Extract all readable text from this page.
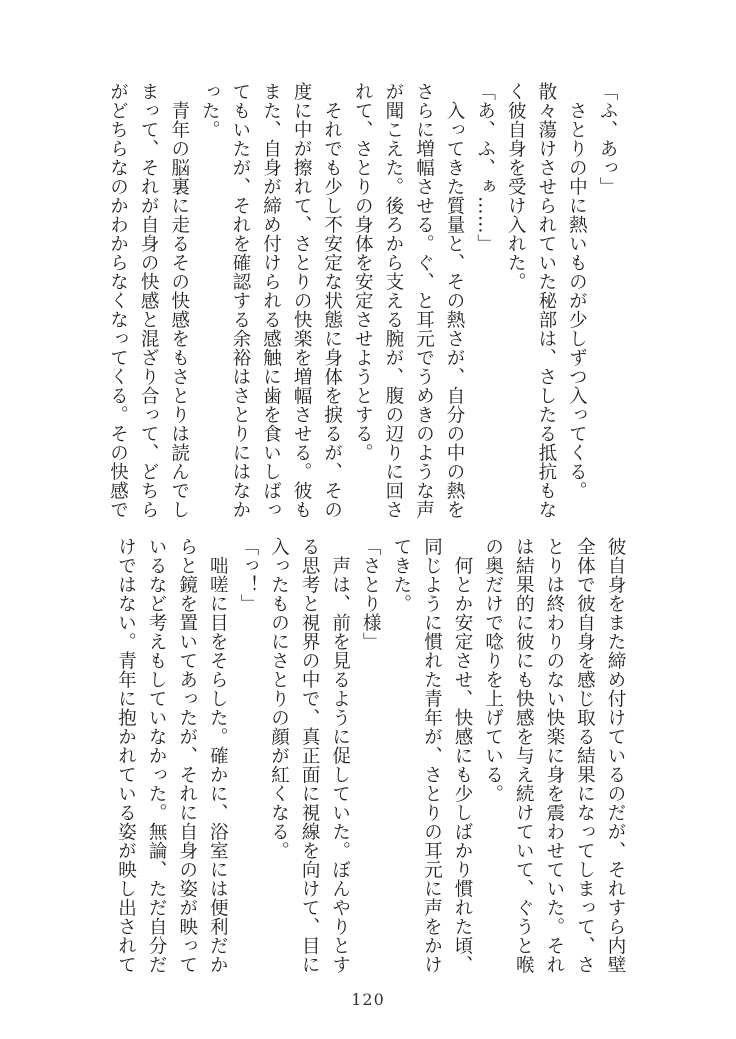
「ふ、あっ」
　さとりの中に熱いものが少しずつ入ってくる。
散々蕩けさせられていた秘部は、さしたる抵抗もな
く彼自身を受け入れた。
「あ、ふ、ぁ……」
　入ってきた質量と、その熱さが、自分の中の熱を
さらに増幅させる。ぐ、と耳元でうめきのような声
が聞こえた。後ろから支える腕が、腹の辺りに回さ
れて、さとりの身体を安定させようとする。
　それでも少し不安定な状態に身体を捩るが、その
度に中が擦れて、さとりの快楽を増幅させる。彼も
また、自身が締め付けられる感触に歯を食いしばっ
てもいたが、それを確認する余裕はさとりにはなか
った。
　青年の脳裏に走るその快感をもさとりは読んでし
まって、それが自身の快感と混ざり合って、どちら
がどちらなのかわからなくなってくる。その快感で
彼自身をまた締め付けているのだが、それすら内壁
全体で彼自身を感じ取る結果になってしまって、さ
とりは終わりのない快楽に身を震わせていた。それ
は結果的に彼にも快感を与え続けていて、ぐうと喉
の奥だけで唸りを上げている。
　何とか安定させ、快感にも少しばかり慣れた頃、
同じように慣れた青年が、さとりの耳元に声をかけ
てきた。
「さとり様」
　声は、前を見るように促していた。ぼんやりとす
る思考と視界の中で、真正面に視線を向けて、目に
入ったものにさとりの顔が紅くなる。
「っ！」
　咄嗟に目をそらした。確かに、浴室には便利だか
らと鏡を置いてあったが、それに自身の姿が映って
いるなど考えもしていなかった。無論、ただ自分だ
けではない。青年に抱かれている姿が映し出されて
120
